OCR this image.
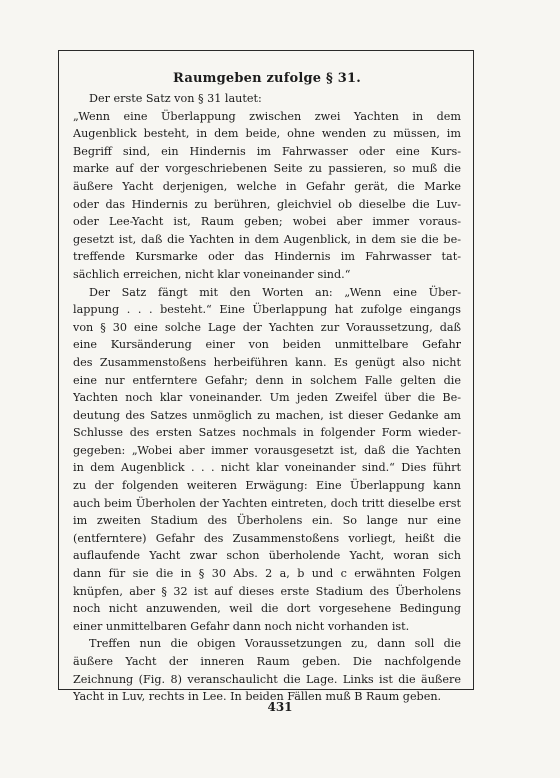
Raumgeben zufolge § 31.

Der erste Satz von § 31 lautet:
„Wenn eine Überlappung zwischen zwei Yachten in dem
Augenblick besteht, in dem beide, ohne wenden zu müssen, im
Begriff sind, ein Hindernis im Fahrwasser oder eine Kurs-
marke auf der vorgeschriebenen Seite zu passieren, so muß die
äußere Yacht derjenigen, welche in Gefahr gerät, die Marke
oder das Hindernis zu berühren, gleichviel ob dieselbe die Luv-
oder Lee-Yacht ist, Raum geben; wobei aber immer voraus-
gesetzt ist, daß die Yachten in dem Augenblick, in dem sie die be-
treffende Kursmarke oder das Hindernis im Fahrwasser tat-
sächlich erreichen, nicht klar voneinander sind.“

Der Satz fängt mit den Worten an: „Wenn eine Über-
lappung . . . besteht.“ Eine Überlappung hat zufolge eingangs
von § 30 eine solche Lage der Yachten zur Voraussetzung, daß
eine Kursänderung einer von beiden unmittelbare Gefahr
des Zusammenstoßens herbeiführen kann. Es genügt also nicht
eine nur entferntere Gefahr; denn in solchem Falle gelten die
Yachten noch klar voneinander. Um jeden Zweifel über die Be-
deutung des Satzes unmöglich zu machen, ist dieser Gedanke am
Schlusse des ersten Satzes nochmals in folgender Form wieder-
gegeben: „Wobei aber immer vorausgesetzt ist, daß die Yachten
in dem Augenblick . . . nicht klar voneinander sind.“ Dies führt
zu der folgenden weiteren Erwägung: Eine Überlappung kann
auch beim Überholen der Yachten eintreten, doch tritt dieselbe erst
im zweiten Stadium des Überholens ein. So lange nur eine
(entferntere) Gefahr des Zusammenstoßens vorliegt, heißt die
auflaufende Yacht zwar schon überholende Yacht, woran sich
dann für sie die in § 30 Abs. 2 a, b und c erwähnten Folgen
knüpfen, aber § 32 ist auf dieses erste Stadium des Überholens
noch nicht anzuwenden, weil die dort vorgesehene Bedingung
einer unmittelbaren Gefahr dann noch nicht vorhanden ist.

Treffen nun die obigen Voraussetzungen zu, dann soll die
äußere Yacht der inneren Raum geben. Die nachfolgende
Zeichnung (Fig. 8) veranschaulicht die Lage. Links ist die äußere
Yacht in Luv, rechts in Lee. In beiden Fällen muß B Raum geben.

431
